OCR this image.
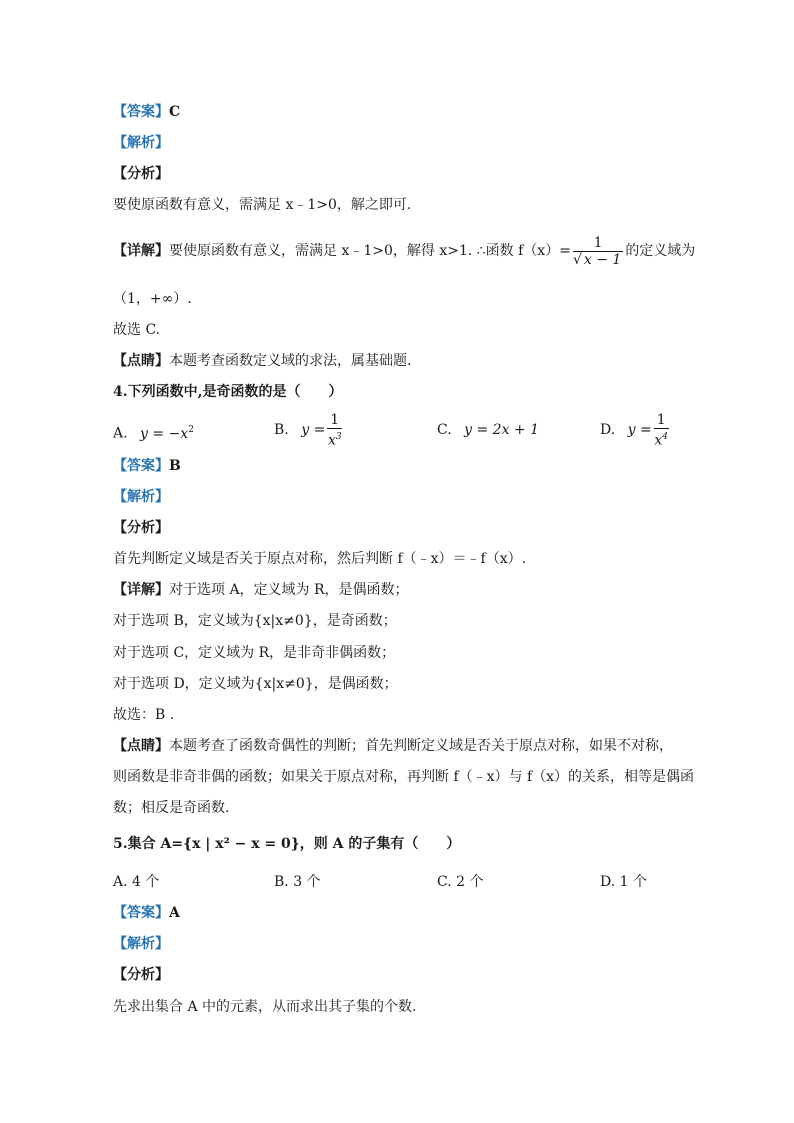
【答案】C
【解析】
【分析】
要使原函数有意义，需满足 x﹣1>0，解之即可.
【详解】要使原函数有意义，需满足 x﹣1>0，解得 x>1. ∴函数 $f(x)= \frac{1}{√ x - 1}$ 的定义域为
（1，+∞）.
故选 C.
【点睛】本题考查函数定义域的求法，属基础题.
4.下列函数中,是奇函数的是（　　）
A. $y = -x^2$	B. $y = \frac{1}{x^3}$	C. y = 2x + 1	D. $y = \frac{1}{x^4}$
【答案】B
【解析】
【分析】
首先判断定义域是否关于原点对称，然后判断 f（﹣x）＝﹣f（x）.
【详解】对于选项 A，定义域为 R，是偶函数；
对于选项 B，定义域为{x|x≠0}，是奇函数；
对于选项 C，定义域为 R，是非奇非偶函数；
对于选项 D，定义域为{x|x≠0}，是偶函数；
故选：B .
【点睛】本题考查了函数奇偶性的判断；首先判断定义域是否关于原点对称，如果不对称，
则函数是非奇非偶的函数；如果关于原点对称，再判断 f（﹣x）与 f（x）的关系，相等是偶函
数；相反是奇函数.
5.集合 A={x | x² − x = 0}，则 A 的子集有（　　）
A. 4 个	B. 3 个	C. 2 个	D. 1 个
【答案】A
【解析】
【分析】
先求出集合 A 中的元素，从而求出其子集的个数.
